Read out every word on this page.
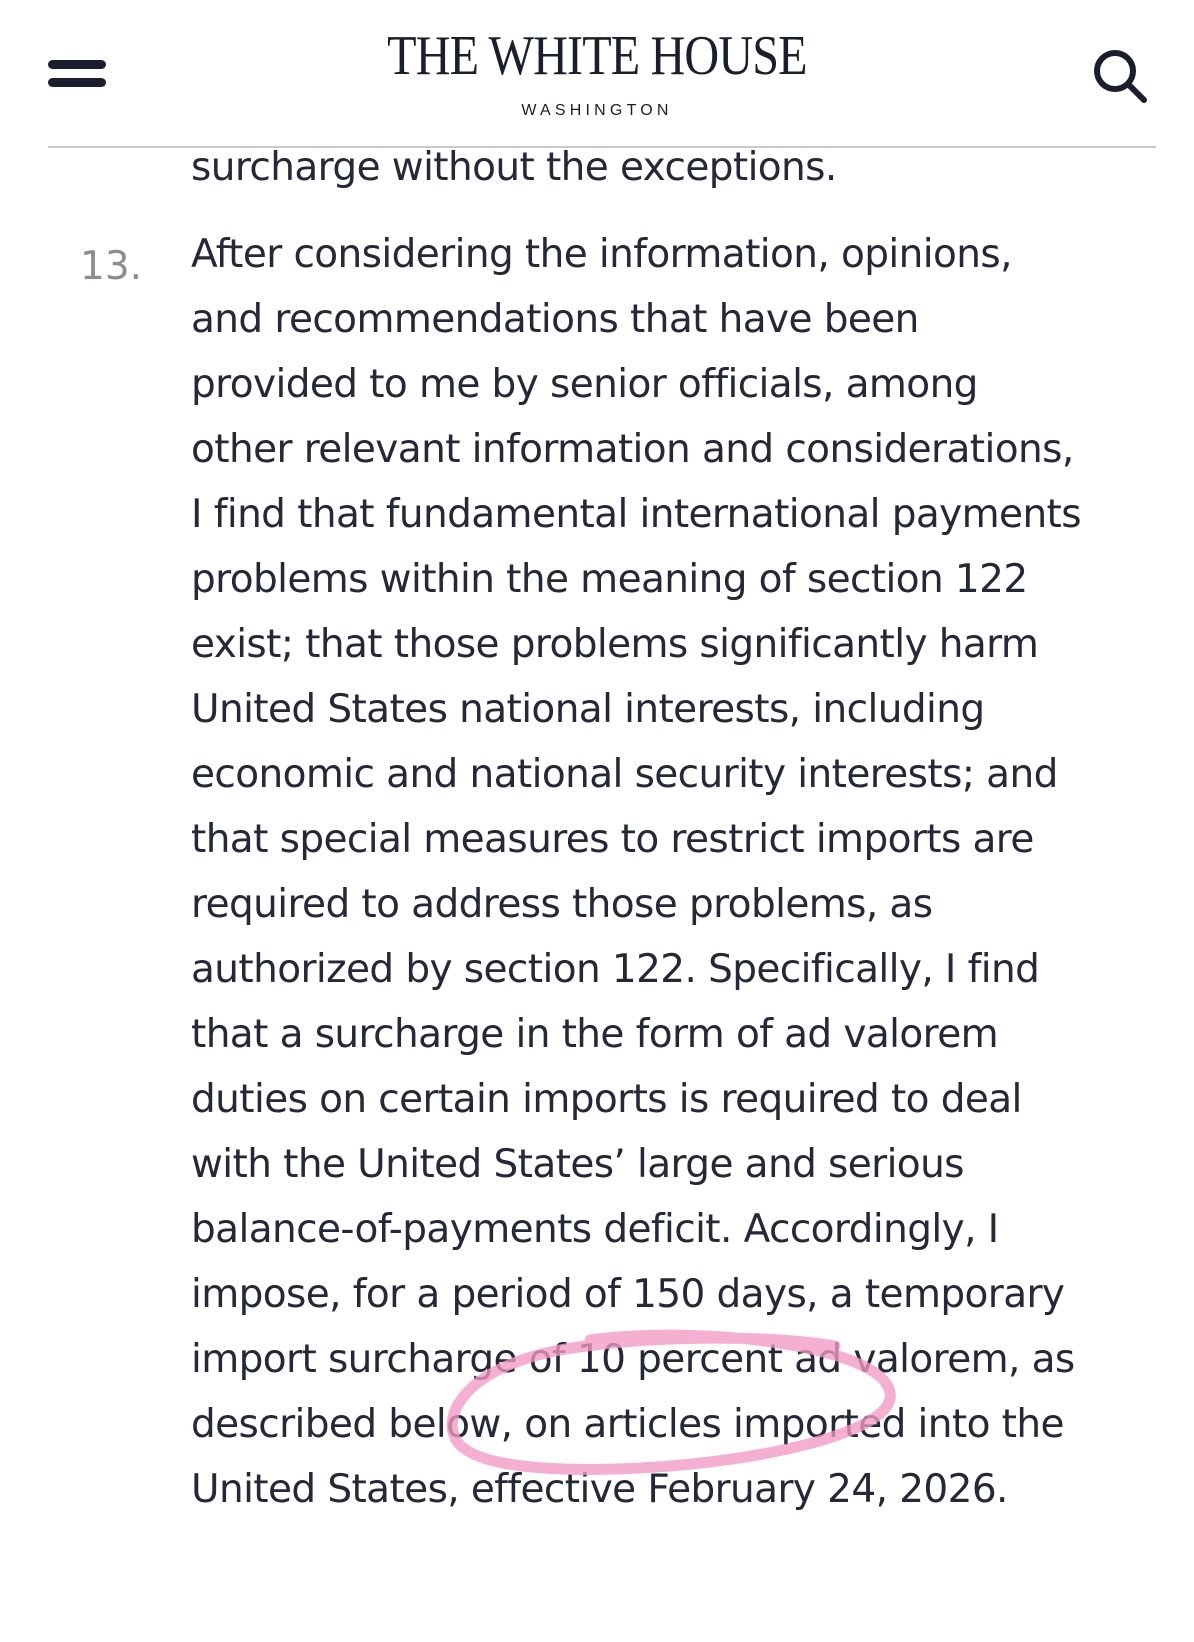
THE WHITE HOUSE
WASHINGTON
surcharge without the exceptions.
13. After considering the information, opinions,
and recommendations that have been
provided to me by senior officials, among
other relevant information and considerations,
I find that fundamental international payments
problems within the meaning of section 122
exist; that those problems significantly harm
United States national interests, including
economic and national security interests; and
that special measures to restrict imports are
required to address those problems, as
authorized by section 122. Specifically, I find
that a surcharge in the form of ad valorem
duties on certain imports is required to deal
with the United States’ large and serious
balance-of-payments deficit. Accordingly, I
impose, for a period of 150 days, a temporary
import surcharge of 10 percent ad valorem, as
described below, on articles imported into the
United States, effective February 24, 2026.
